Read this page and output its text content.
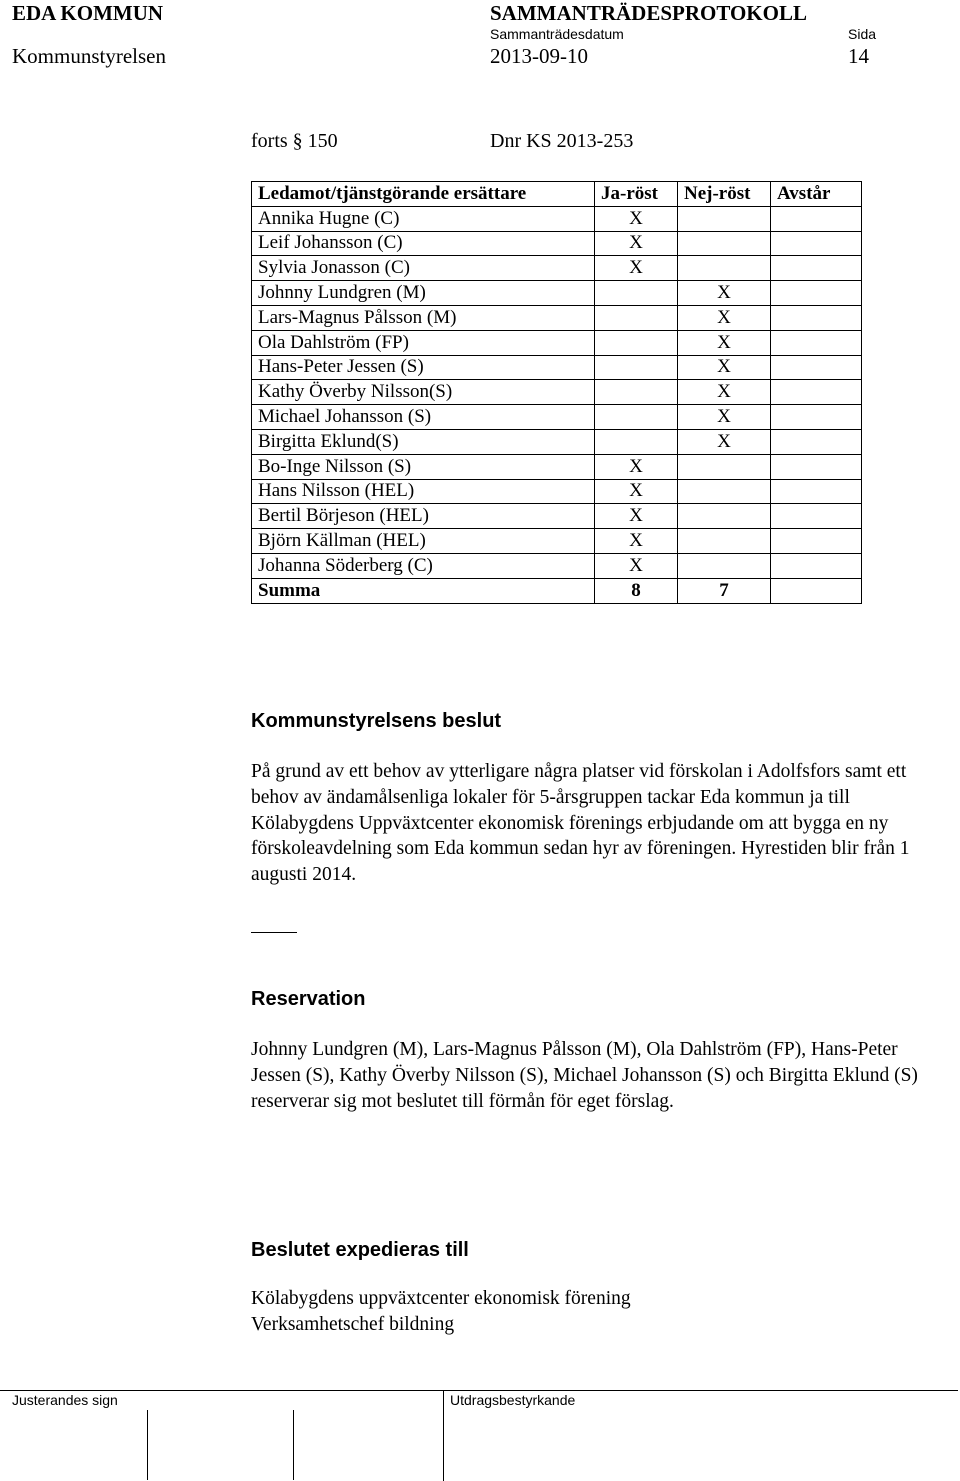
EDA KOMMUN	SAMMANTRÄDESPROTOKOLL
Sammanträdesdatum	Sida
Kommunstyrelsen	2013-09-10	14
forts § 150	Dnr KS 2013-253
Ledamot/tjänstgörande ersättare	Ja-röst	Nej-röst	Avstår
Annika Hugne (C)	X		
Leif Johansson (C)	X		
Sylvia Jonasson (C)	X		
Johnny Lundgren (M)		X	
Lars-Magnus Pålsson (M)		X	
Ola Dahlström (FP)		X	
Hans-Peter Jessen (S)		X	
Kathy Överby Nilsson(S)		X	
Michael Johansson (S)		X	
Birgitta Eklund(S)		X	
Bo-Inge Nilsson (S)	X		
Hans Nilsson (HEL)	X		
Bertil Börjeson (HEL)	X		
Björn Källman (HEL)	X		
Johanna Söderberg (C)	X		
Summa	8	7	
Kommunstyrelsens beslut

På grund av ett behov av ytterligare några platser vid förskolan i Adolfsfors samt ett behov av ändamålsenliga lokaler för 5-årsgruppen tackar Eda kommun ja till Kölabygdens Uppväxtcenter ekonomisk förenings erbjudande om att bygga en ny förskoleavdelning som Eda kommun sedan hyr av föreningen. Hyrestiden blir från 1 augusti 2014.

Reservation

Johnny Lundgren (M), Lars-Magnus Pålsson (M), Ola Dahlström (FP), Hans-Peter Jessen (S), Kathy Överby Nilsson (S), Michael Johansson (S) och Birgitta Eklund (S) reserverar sig mot beslutet till förmån för eget förslag.

Beslutet expedieras till
Kölabygdens uppväxtcenter ekonomisk förening
Verksamhetschef bildning
Justerandes sign	Utdragsbestyrkande
